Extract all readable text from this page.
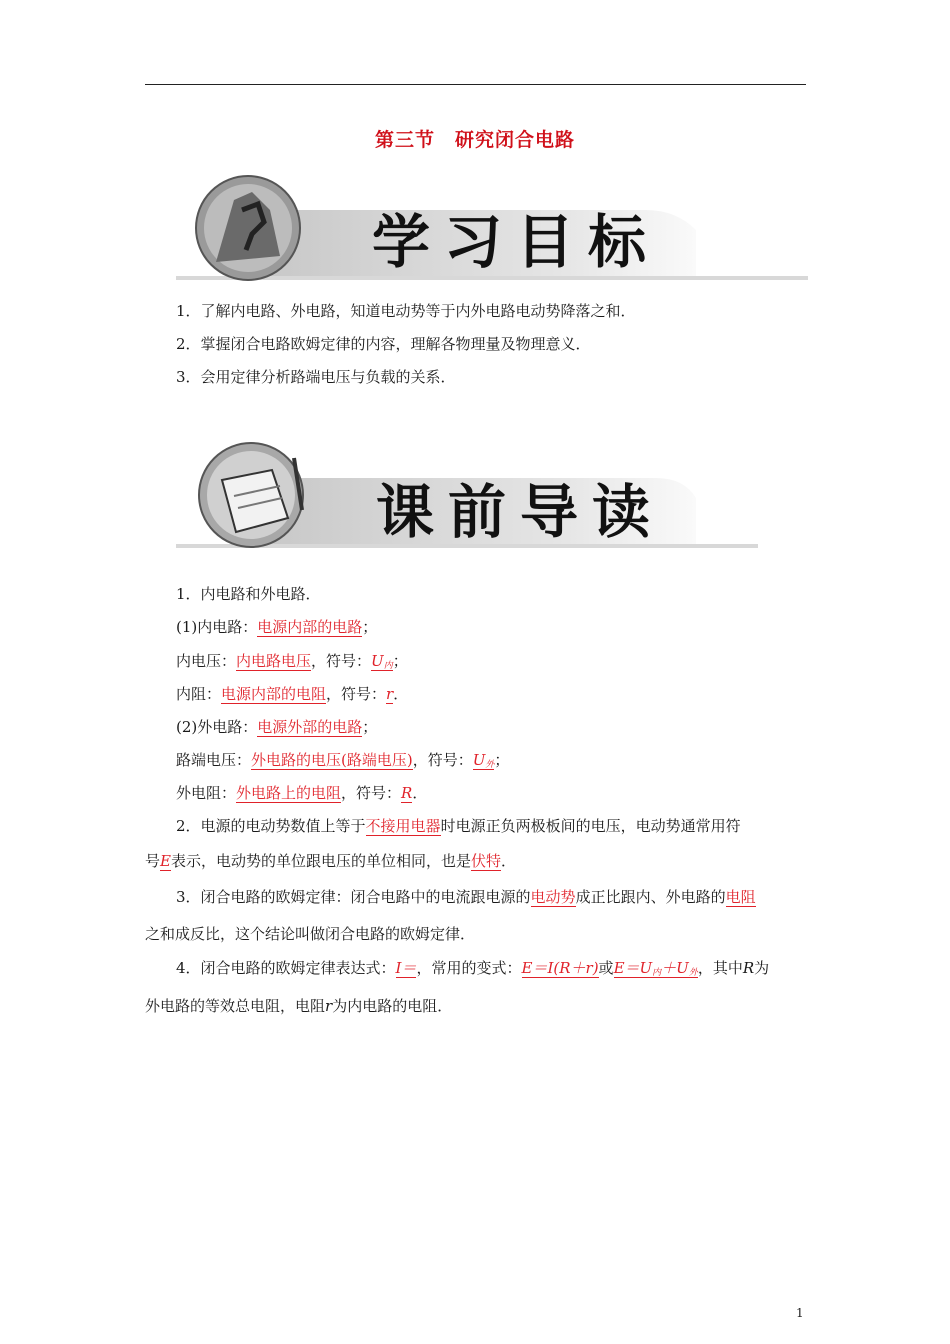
第三节　研究闭合电路
学习目标
1．了解内电路、外电路，知道电动势等于内外电路电动势降落之和．
2．掌握闭合电路欧姆定律的内容，理解各物理量及物理意义．
3．会用定律分析路端电压与负载的关系．
课前导读
1．内电路和外电路．
(1)内电路：电源内部的电路；
内电压：内电路电压，符号：$U_内$；
内阻：电源内部的电阻，符号：r．
(2)外电路：电源外部的电路；
路端电压：外电路的电压(路端电压)，符号：$U_外$；
外电阻：外电路上的电阻，符号：R．
2．电源的电动势数值上等于不接用电器时电源正负两极板间的电压，电动势通常用符
号E表示，电动势的单位跟电压的单位相同，也是伏特．
3．闭合电路的欧姆定律：闭合电路中的电流跟电源的电动势成正比跟内、外电路的电阻
之和成反比，这个结论叫做闭合电路的欧姆定律．
4．闭合电路的欧姆定律表达式：I＝，常用的变式：E＝I(R＋r)或$E=U_内+U_外$，其中R为
外电路的等效总电阻，电阻r为内电路的电阻．
1
